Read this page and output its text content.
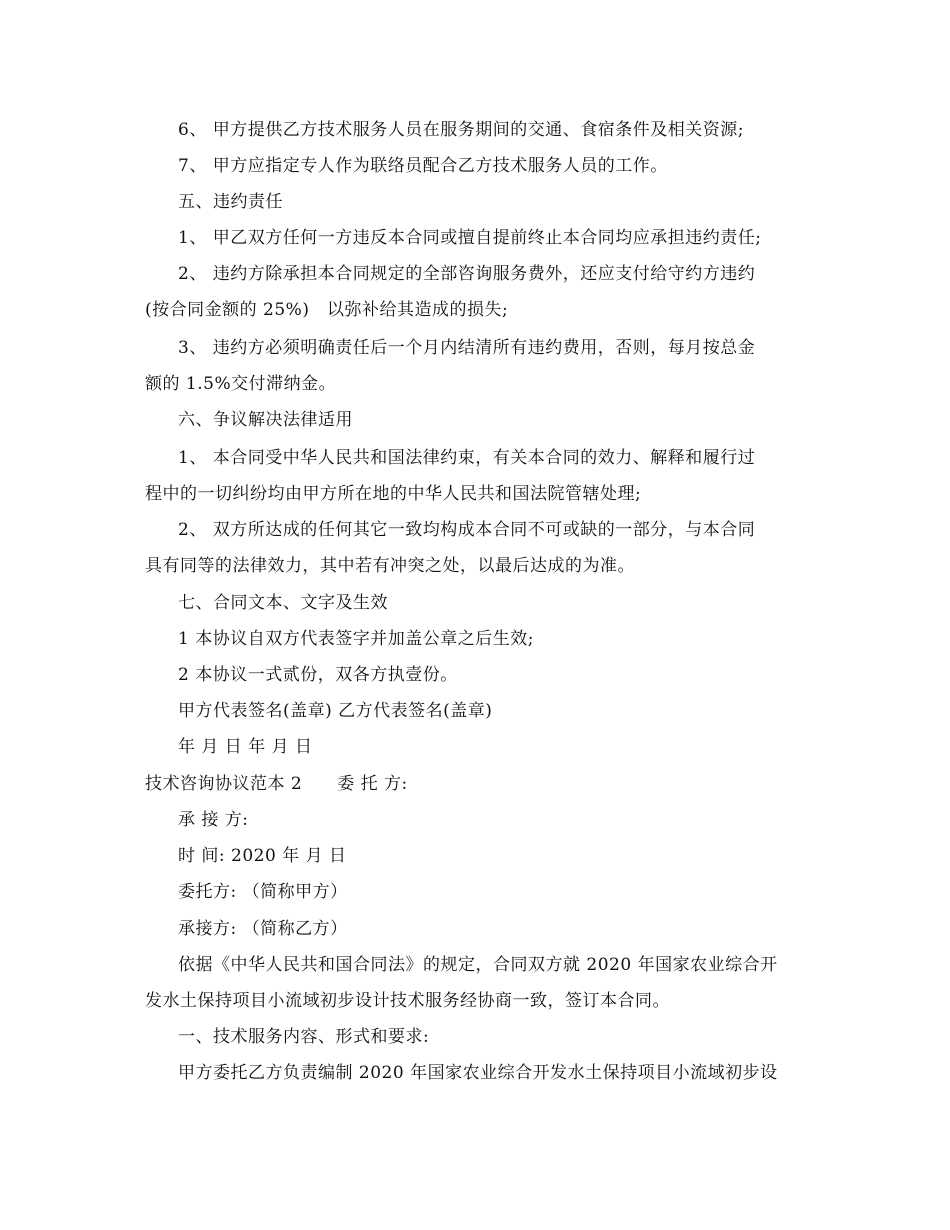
6、 甲方提供乙方技术服务人员在服务期间的交通、食宿条件及相关资源;
7、 甲方应指定专人作为联络员配合乙方技术服务人员的工作。
五、违约责任
1、 甲乙双方任何一方违反本合同或擅自提前终止本合同均应承担违约责任;
2、 违约方除承担本合同规定的全部咨询服务费外，还应支付给守约方违约
(按合同金额的 25%)　以弥补给其造成的损失;
3、 违约方必须明确责任后一个月内结清所有违约费用，否则，每月按总金
额的 1.5%交付滞纳金。
六、争议解决法律适用
1、 本合同受中华人民共和国法律约束，有关本合同的效力、解释和履行过
程中的一切纠纷均由甲方所在地的中华人民共和国法院管辖处理;
2、 双方所达成的任何其它一致均构成本合同不可或缺的一部分，与本合同
具有同等的法律效力，其中若有冲突之处，以最后达成的为准。
七、合同文本、文字及生效
1 本协议自双方代表签字并加盖公章之后生效;
2 本协议一式贰份，双各方执壹份。
甲方代表签名(盖章) 乙方代表签名(盖章)
年 月 日 年 月 日
技术咨询协议范本 2　　委 托 方:
承 接 方:
时 间: 2020 年 月 日
委托方: （简称甲方）
承接方: （简称乙方）
依据《中华人民共和国合同法》的规定，合同双方就 2020 年国家农业综合开
发水土保持项目小流域初步设计技术服务经协商一致，签订本合同。
一、技术服务内容、形式和要求:
甲方委托乙方负责编制 2020 年国家农业综合开发水土保持项目小流域初步设
